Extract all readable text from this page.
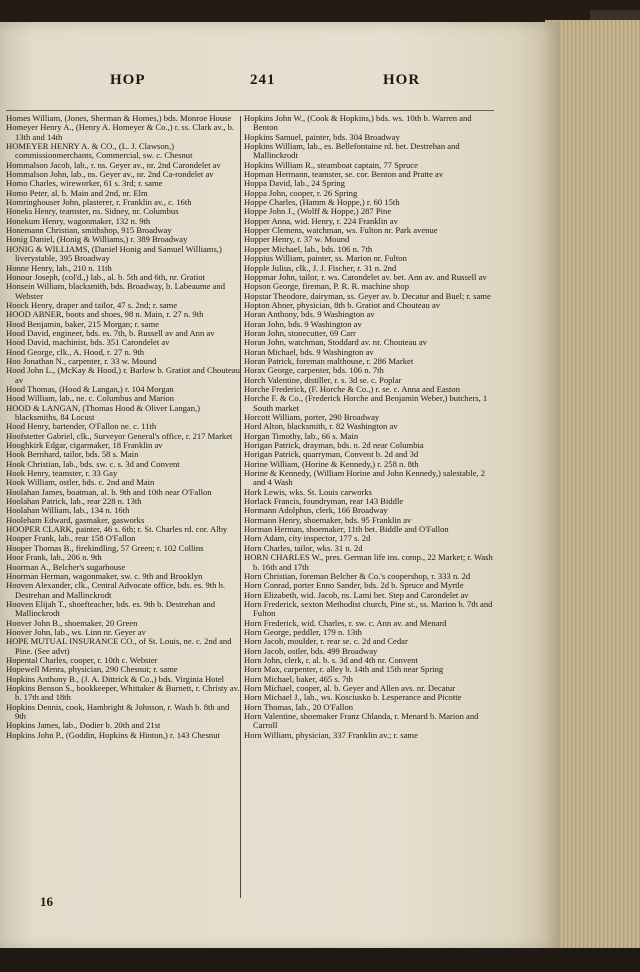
HOP	241	HOR
Homes William, (Jones, Sherman & Homes,) bds. Monroe House
Homeyer Henry A., (Henry A. Homeyer & Co.,) r. ss. Clark av., b. 13th and 14th
HOMEYER HENRY A. & CO., (L. J. Clawson,) commissionmerchants, Commercial, sw. c. Chesnut
Hommalson Jacob, lab., r. ns. Geyer av., nr. 2nd Carondelet av
Hommalson John, lab., ns. Geyer av., nr. 2nd Ca-rondelet av
Homo Charles, wireworker, 61 s. 3rd; r. same
Homo Peter, al. b. Main and 2nd, nr. Elm
Homringhouser John, plasterer, r. Franklin av., c. 16th
Honeks Henry, teamster, ns. Sidney, nr. Columbus
Honekum Henry, wagonmaker, 132 n. 9th
Honemann Christian, smithshop, 915 Broadway
Honig Daniel, (Honig & Williams,) r. 389 Broadway
HONIG & WILLIAMS, (Daniel Honig and Samuel Williams,) liverystable, 395 Broadway
Honne Henry, lab., 210 n. 11th
Honour Joseph, (col'd.,) lab., al. b. 5th and 6th, nr. Gratiot
Honsein William, blacksmith, bds. Broadway, b. Labeaume and Webster
Hoock Henry, draper and tailor, 47 s. 2nd; r. same
HOOD ABNER, boots and shoes, 98 n. Main, r. 27 n. 9th
Hood Benjamin, baker, 215 Morgan; r. same
Hood David, engineer, bds. es. 7th, b. Russell av and Ann av
Hood David, machinist, bds. 351 Carondelet av
Hood George, clk., A. Hood, r. 27 n. 9th
Hoo Jonathan N., carpenter, r. 33 w. Mound
Hood John L., (McKay & Hood,) r. Barlow b. Gratiot and Chouteau av
Hood Thomas, (Hood & Langan,) r. 104 Morgan
Hood William, lab., ne. c. Columbus and Marion
HOOD & LANGAN, (Thomas Hood & Oliver Langan,) blacksmiths, 84 Locust
Hood Henry, bartender, O'Fallon ne. c. 11th
Hoofstetter Gabriel, clk., Surveyor General's office, r. 217 Market
Hooghkirk Edgar, cigarmaker, 18 Franklin av
Hook Bernhard, tailor, bds. 58 s. Main
Hook Christian, lab., bds. sw. c. s. 3d and Convent
Hook Henry, teamster, r. 33 Gay
Hook William, ostler, bds. c. 2nd and Main
Hoolahan James, boatman, al. b. 9th and 10th near O'Fallon
Hoolahan Patrick, lab., rear 228 n. 13th
Hoolahan William, lab., 134 n. 16th
Hooleham Edward, gasmaker, gasworks
HOOPER CLARK, painter, 46 s. 6th; r. St. Charles rd. cor. Alby
Hooper Frank, lab., rear 158 O'Fallon
Hooper Thomas B., firekindling, 57 Green; r. 102 Collins
Hoor Frank, lab., 206 n. 9th
Hoorman A., Belcher's sugarhouse
Hoorman Herman, wagonmaker, sw. c. 9th and Brooklyn
Hooven Alexander, clk., Central Advocate office, bds. es. 9th b. Destrehan and Mallinckrodt
Hooven Elijah T., shoefteacher, bds. es. 9th b. Destrehan and Mallinckrodt
Hoover John B., shoemaker, 20 Green
Hoover John, lab., ws. Linn nr. Geyer av
HOPE MUTUAL INSURANCE CO., of St. Louis, ne. c. 2nd and Pine. (See advt)
Hopental Charles, cooper, r. 10th c. Webster
Hopewell Menra, physician, 290 Chesnut; r. same
Hopkins Anthony B., (J. A. Dittrick & Co.,) bds. Virginia Hotel
Hopkins Benson S., bookkeeper, Whittaker & Burnett, r. Christy av. b. 17th and 18th
Hopkins Dennis, cook, Hambright & Johnson, r. Wash b. 8th and 9th
Hopkins James, lab., Dodier b. 20th and 21st
Hopkins John P., (Goddin, Hopkins & Hinton,) r. 143 Chesnut
Hopkins John W., (Cook & Hopkins,) bds. ws. 10th b. Warren and Benton
Hopkins Samuel, painter, bds. 304 Broadway
Hopkins William, lab., es. Bellefontaine rd. bet. Destrehan and Mallinckrodt
Hopkins William R., steamboat captain, 77 Spruce
Hopman Hermann, teamster, se. cor. Benton and Pratte av
Hoppa David, lab., 24 Spring
Hoppa John, cooper, r. 26 Spring
Hoppe Charles, (Hamm & Hoppe,) r. 60 15th
Hoppe John J., (Wolff & Hoppe,) 287 Pine
Hopper Anna, wid. Henry, r. 224 Franklin av
Hopper Clemens, watchman, ws. Fulton nr. Park avenue
Hopper Henry, r. 37 w. Mound
Hopper Michael, lab., bds. 106 n. 7th
Hoppius William, painter, ss. Marion nr. Fulton
Hopple Julius, clk., J. J. Fischer, r. 31 n. 2nd
Hoppmar John, tailor, r. ws. Carondelet av. bet. Ann av. and Russell av
Hopson George, fireman, P. R. R. machine shop
Hopstar Theodore, dairyman, ss. Geyer av. b. Decatur and Buel; r. same
Hopton Abner, physician, 8th b. Gratiot and Chouteau av
Horan Anthony, bds. 9 Washington av
Horan John, bds. 9 Washington av
Horan John, stonecutter, 69 Carr
Horan John, watchman, Stoddard av. nr. Chouteau av
Horan Michael, bds. 9 Washington av
Horan Patrick, foreman malthouse, r. 286 Market
Horax George, carpenter, bds. 106 n. 7th
Horch Valentine, distiller, r. s. 3d se. c. Poplar
Horche Frederick, (F. Horche & Co.,) r. se. c. Anna and Easton
Horche F. & Co., (Frederick Horche and Benjamin Weber,) butchers, 1 South market
Horcott William, porter, 290 Broadway
Hord Alton, blacksmith, r. 82 Washington av
Horgan Timothy, lab., 66 s. Main
Horigan Patrick, drayman, bds. n. 2d near Columbia
Horigan Patrick, quarryman, Convent b. 2d and 3d
Horine William, (Horine & Kennedy,) r. 258 n. 8th
Horine & Kennedy, (William Horine and John Kennedy,) salestable, 2 and 4 Wash
Hork Lewis, wks. St. Louis carworks
Horlack Francis, foundryman, rear 143 Biddle
Hormann Adolphus, clerk, 166 Broadway
Hormann Henry, shoemaker, bds. 95 Franklin av
Horman Herman, shoemaker, 11th bet. Biddle and O'Fallon
Horn Adam, city inspector, 177 s. 2d
Horn Charles, tailor, wks. 31 n. 2d
HORN CHARLES W., pres. German life ins. comp., 22 Market; r. Wash b. 16th and 17th
Horn Christian, foreman Belcher & Co.'s coopershop, r. 333 n. 2d
Horn Conrad, porter Enno Sander, bds. 2d b. Spruce and Myrtle
Horn Elizabeth, wid. Jacob, ns. Lami bet. Step and Carondelet av
Horn Frederick, sexton Methodist church, Pine st., ss. Marion b. 7th and Fulton
Horn Frederick, wid. Charles, r. sw. c. Ann av. and Menard
Horn George, peddler, 179 n. 13th
Horn Jacob, moulder, r. rear se. c. 2d and Cedar
Horn Jacob, ostler, bds. 499 Broadway
Horn John, clerk, r. al. b. s. 3d and 4th nr. Convent
Horn Max, carpenter, r. alley b. 14th and 15th near Spring
Horn Michael, baker, 465 s. 7th
Horn Michael, cooper, al. b. Geyer and Allen avs. nr. Decatur
Horn Michael J., lab., ws. Kosciusko b. Lesperance and Picotte
Horn Thomas, lab., 20 O'Fallon
Horn Valentine, shoemaker Franz Chlanda, r. Menard b. Marion and Carroll
Horn William, physician, 337 Franklin av.; r. same
16
